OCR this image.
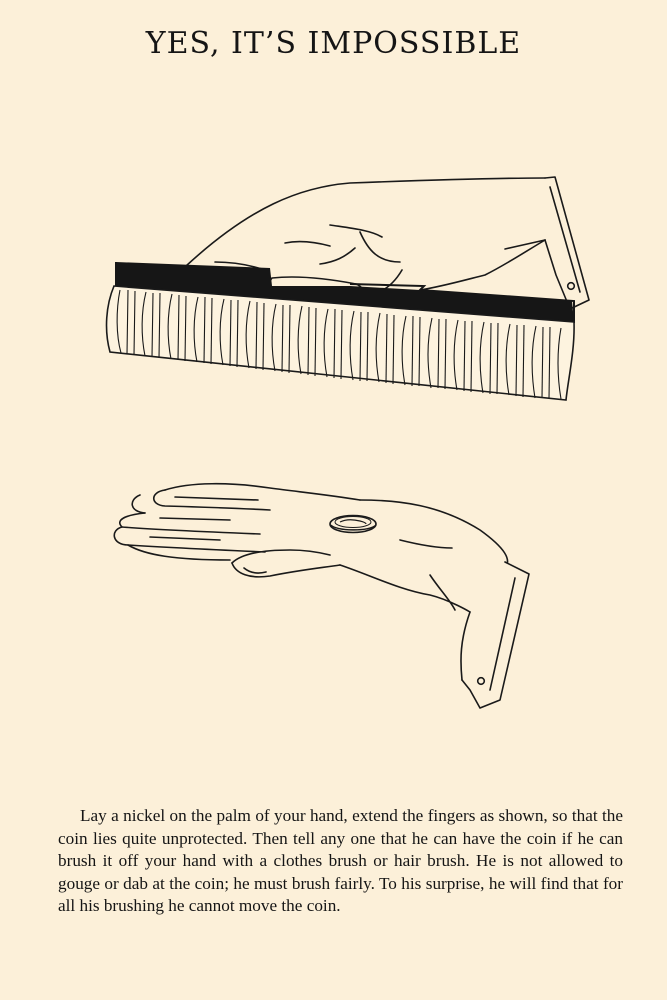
YES, IT’S IMPOSSIBLE

Lay a nickel on the palm of your hand, extend the fingers as shown, so that the coin lies quite unprotected. Then tell any one that he can have the coin if he can brush it off your hand with a clothes brush or hair brush. He is not allowed to gouge or dab at the coin; he must brush fairly. To his surprise, he will find that for all his brushing he cannot move the coin.
